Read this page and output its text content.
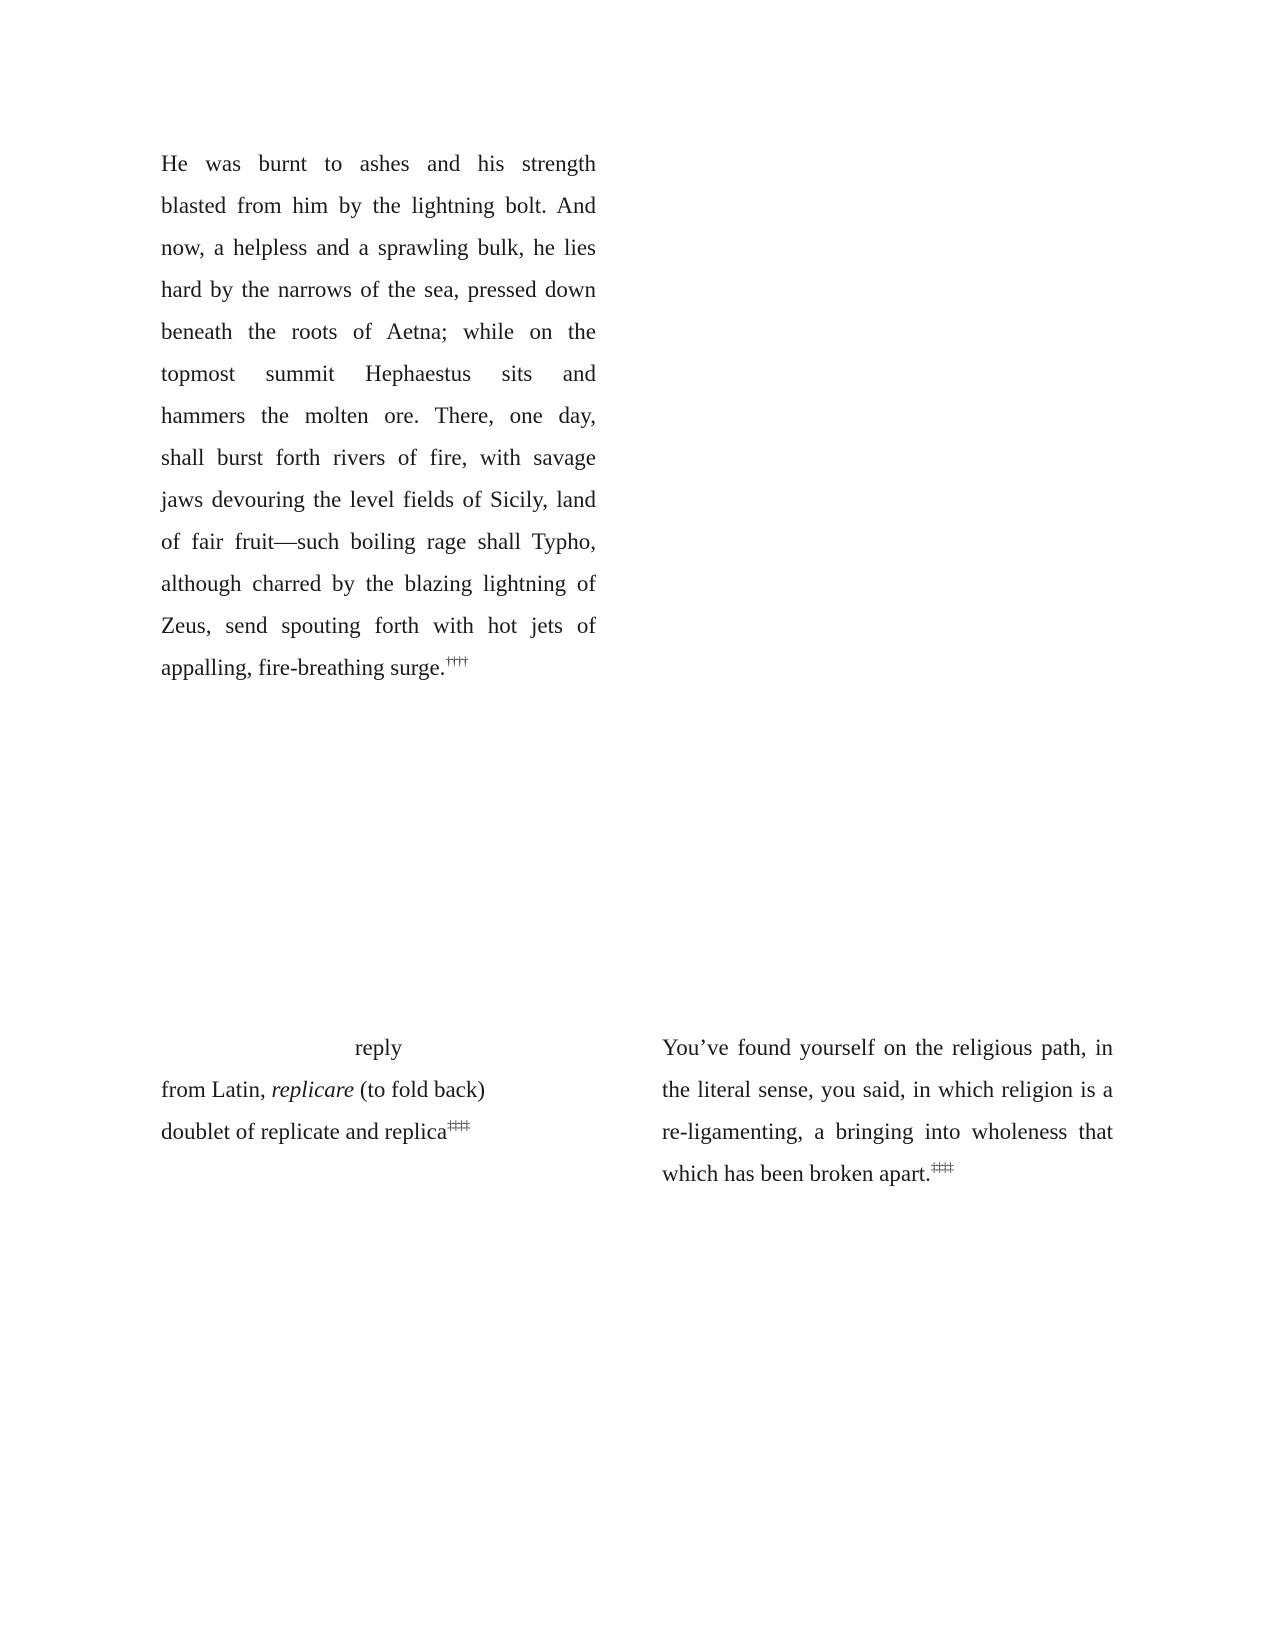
He was burnt to ashes and his strength
blasted from him by the lightning bolt. And
now, a helpless and a sprawling bulk, he lies
hard by the narrows of the sea, pressed down
beneath the roots of Aetna; while on the
topmost summit Hephaestus sits and
hammers the molten ore. There, one day,
shall burst forth rivers of fire, with savage
jaws devouring the level fields of Sicily, land
of fair fruit—such boiling rage shall Typho,
although charred by the blazing lightning of
Zeus, send spouting forth with hot jets of
appalling, fire-breathing surge.††††
reply
from Latin, replicare (to fold back)
doublet of replicate and replica‡‡‡‡
You’ve found yourself on the religious path, in
the literal sense, you said, in which religion is a
re-ligamenting, a bringing into wholeness that
which has been broken apart.‡‡‡‡
